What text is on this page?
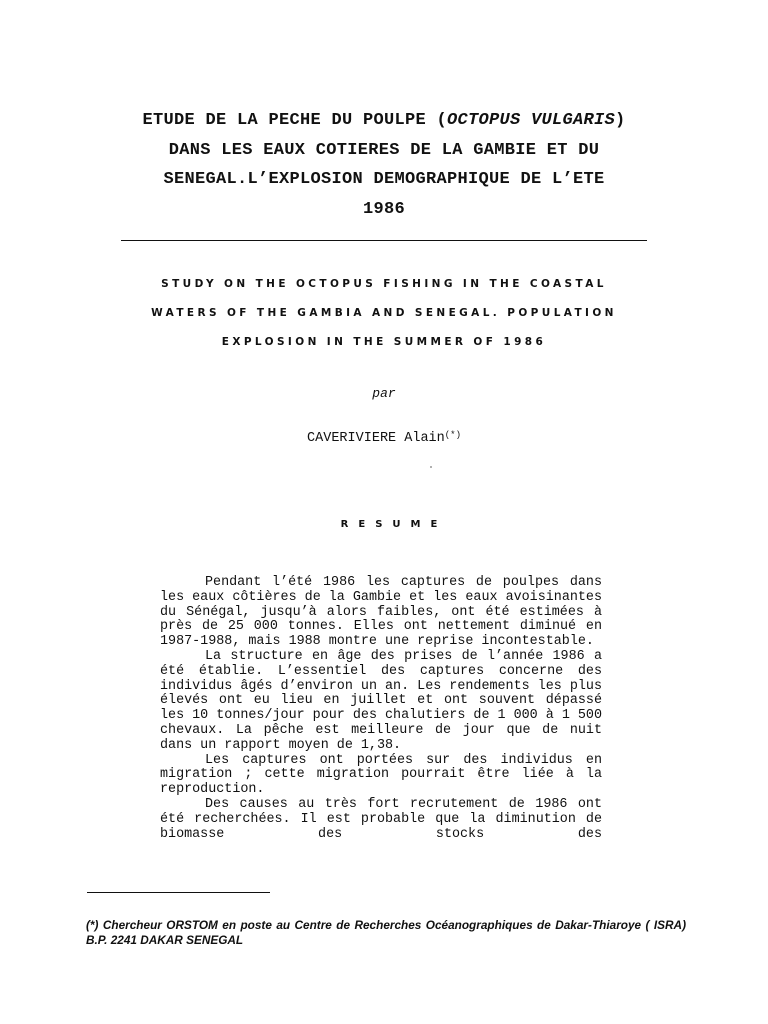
ETUDE DE LA PECHE DU POULPE (OCTOPUS VULGARIS)
DANS LES EAUX COTIERES DE LA GAMBIE ET DU
SENEGAL.L’EXPLOSION DEMOGRAPHIQUE DE L’ETE
1986
STUDY ON THE OCTOPUS FISHING IN THE COASTAL
WATERS OF THE GAMBIA AND SENEGAL. POPULATION
EXPLOSION IN THE SUMMER OF 1986
par
CAVERIVIERE Alain(*)
RESUME

Pendant l’été 1986 les captures de poulpes dans les eaux côtières de la Gambie et les eaux avoisinantes du Sénégal, jusqu’à alors faibles, ont été estimées à près de 25 000 tonnes. Elles ont nettement diminué en 1987-1988, mais 1988 montre une reprise incontestable.

La structure en âge des prises de l’année 1986 a été établie. L’essentiel des captures concerne des individus âgés d’environ un an. Les rendements les plus élevés ont eu lieu en juillet et ont souvent dépassé les 10 tonnes/jour pour des chalutiers de 1 000 à 1 500 chevaux. La pêche est meilleure de jour que de nuit dans un rapport moyen de 1,38.

Les captures ont portées sur des individus en migration ; cette migration pourrait être liée à la reproduction.

Des causes au très fort recrutement de 1986 ont été recherchées. Il est probable que la diminution de biomasse des stocks des

(*) Chercheur ORSTOM en poste au Centre de Recherches Océanographiques de Dakar-Thiaroye ( ISRA) B.P. 2241 DAKAR SENEGAL
